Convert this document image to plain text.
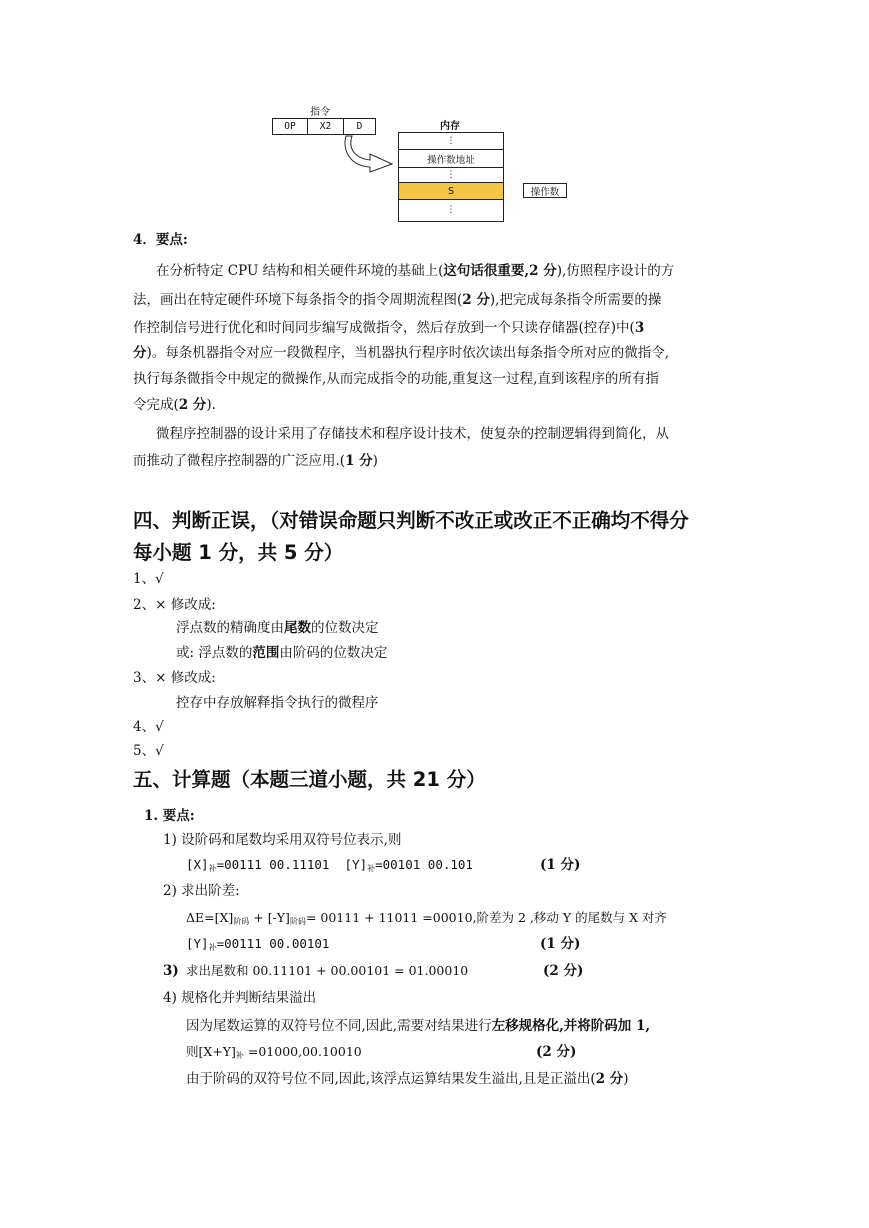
指令
OP	X2	D	内存
⋮
操作数地址
⋮
S
⋮
操作数
4．要点:
在分析特定 CPU 结构和相关硬件环境的基础上(这句话很重要,2 分),仿照程序设计的方
法，画出在特定硬件环境下每条指令的指令周期流程图(2 分),把完成每条指令所需要的操
作控制信号进行优化和时间同步编写成微指令，然后存放到一个只读存储器(控存)中(3
分)。每条机器指令对应一段微程序，当机器执行程序时依次读出每条指令所对应的微指令,
执行每条微指令中规定的微操作,从而完成指令的功能,重复这一过程,直到该程序的所有指
令完成(2 分).
微程序控制器的设计采用了存储技术和程序设计技术，使复杂的控制逻辑得到简化，从
而推动了微程序控制器的广泛应用.(1 分)
四、判断正误，（对错误命题只判断不改正或改正不正确均不得分
每小题 1 分，共 5 分）
1、√
2、× 修改成:
浮点数的精确度由尾数的位数决定
或: 浮点数的范围由阶码的位数决定
3、× 修改成:
控存中存放解释指令执行的微程序
4、√
5、√
五、计算题（本题三道小题，共 21 分）
1. 要点:
1) 设阶码和尾数均采用双符号位表示,则
$[X]_补=00111$ 00.11101 $[Y]_补=00101$ 00.101	(1 分)
2) 求出阶差:
$\Delta E=[X]_{阶码} + [-Y]_{阶码}= 00111 + 11011 =00010$,阶差为 2 ,移动 Y 的尾数与 X 对齐
$[Y]_补=00111$ 00.00101	(1 分)
3) 求出尾数和 00.11101 + 00.00101 = 01.00010	(2 分)
4) 规格化并判断结果溢出
因为尾数运算的双符号位不同,因此,需要对结果进行左移规格化,并将阶码加 1,
则$[X+Y]_补 =01000,00.10010$	(2 分)
由于阶码的双符号位不同,因此,该浮点运算结果发生溢出,且是正溢出(2 分)
